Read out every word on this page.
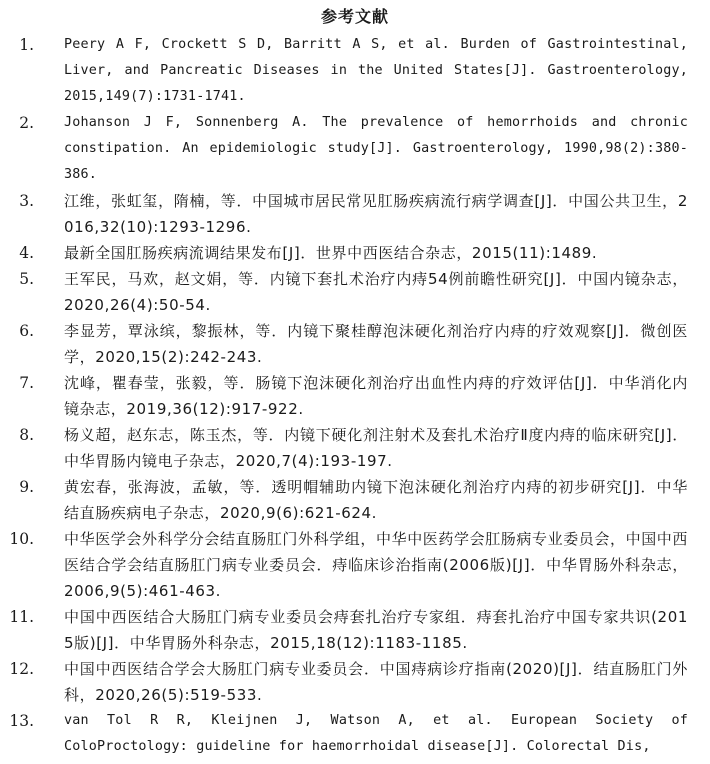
参考文献
1. Peery A F, Crockett S D, Barritt A S, et al. Burden of Gastrointestinal, Liver, and Pancreatic Diseases in the United States[J]. Gastroenterology, 2015,149(7):1731-1741.
2. Johanson J F, Sonnenberg A. The prevalence of hemorrhoids and chronic constipation. An epidemiologic study[J]. Gastroenterology, 1990,98(2):380-386.
3. 江维，张虹玺，隋楠，等．中国城市居民常见肛肠疾病流行病学调查[J]．中国公共卫生，2016,32(10):1293-1296.
4. 最新全国肛肠疾病流调结果发布[J]．世界中西医结合杂志，2015(11):1489.
5. 王军民，马欢，赵文娟，等．内镜下套扎术治疗内痔54例前瞻性研究[J]．中国内镜杂志，2020,26(4):50-54.
6. 李显芳，覃泳缤，黎振林，等．内镜下聚桂醇泡沫硬化剂治疗内痔的疗效观察[J]．微创医学，2020,15(2):242-243.
7. 沈峰，瞿春莹，张毅，等．肠镜下泡沫硬化剂治疗出血性内痔的疗效评估[J]．中华消化内镜杂志，2019,36(12):917-922.
8. 杨义超，赵东志，陈玉杰，等．内镜下硬化剂注射术及套扎术治疗Ⅱ度内痔的临床研究[J]．中华胃肠内镜电子杂志，2020,7(4):193-197.
9. 黄宏春，张海波，孟敏，等．透明帽辅助内镜下泡沫硬化剂治疗内痔的初步研究[J]．中华结直肠疾病电子杂志，2020,9(6):621-624.
10. 中华医学会外科学分会结直肠肛门外科学组，中华中医药学会肛肠病专业委员会，中国中西医结合学会结直肠肛门病专业委员会．痔临床诊治指南(2006版)[J]．中华胃肠外科杂志，2006,9(5):461-463.
11. 中国中西医结合大肠肛门病专业委员会痔套扎治疗专家组．痔套扎治疗中国专家共识(2015版)[J]．中华胃肠外科杂志，2015,18(12):1183-1185.
12. 中国中西医结合学会大肠肛门病专业委员会．中国痔病诊疗指南(2020)[J]．结直肠肛门外科，2020,26(5):519-533.
13. van Tol R R, Kleijnen J, Watson A, et al. European Society of ColoProctology: guideline for haemorrhoidal disease[J]. Colorectal Dis,
